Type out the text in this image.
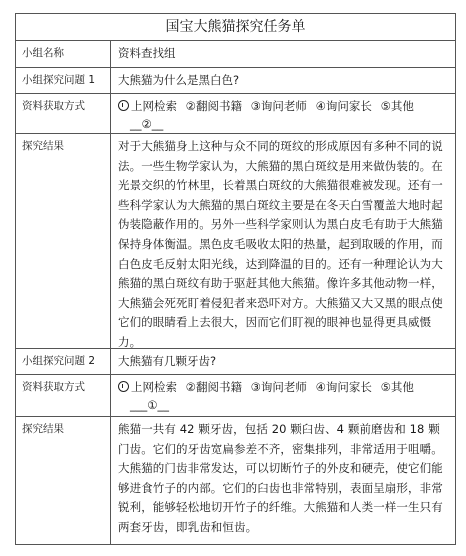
国宝大熊猫探究任务单
小组名称	资料查找组
小组探究问题 1	大熊猫为什么是黑白色?
资料获取方式	上网检索 ②翻阅书籍 ③询问老师 ④询问家长 ⑤其他
__②__
探究结果	对于大熊猫身上这种与众不同的斑纹的形成原因有多种不同的说法。一些生物学家认为，大熊猫的黑白斑纹是用来做伪装的。在光景交织的竹林里，长着黑白斑纹的大熊猫很难被发现。还有一些科学家认为大熊猫的黑白斑纹主要是在冬天白雪覆盖大地时起伪装隐蔽作用的。另外一些科学家则认为黑白皮毛有助于大熊猫保持身体衡温。黑色皮毛吸收太阳的热量，起到取暖的作用，而白色皮毛反射太阳光线，达到降温的目的。还有一种理论认为大熊猫的黑白斑纹有助于驱赶其他大熊猫。像许多其他动物一样，大熊猫会死死盯着侵犯者来恐吓对方。大熊猫又大又黑的眼点使它们的眼睛看上去很大，因而它们盯视的眼神也显得更具威慑力。
小组探究问题 2	大熊猫有几颗牙齿?
资料获取方式	上网检索 ②翻阅书籍 ③询问老师 ④询问家长 ⑤其他
___①__
探究结果	熊猫一共有 42 颗牙齿，包括 20 颗臼齿、4 颗前磨齿和 18 颗门齿。它们的牙齿宽扁参差不齐，密集排列，非常适用于咀嚼。大熊猫的门齿非常发达，可以切断竹子的外皮和硬壳，使它们能够进食竹子的内部。它们的臼齿也非常特别，表面呈扇形，非常锐利，能够轻松地切开竹子的纤维。大熊猫和人类一样一生只有两套牙齿，即乳齿和恒齿。
